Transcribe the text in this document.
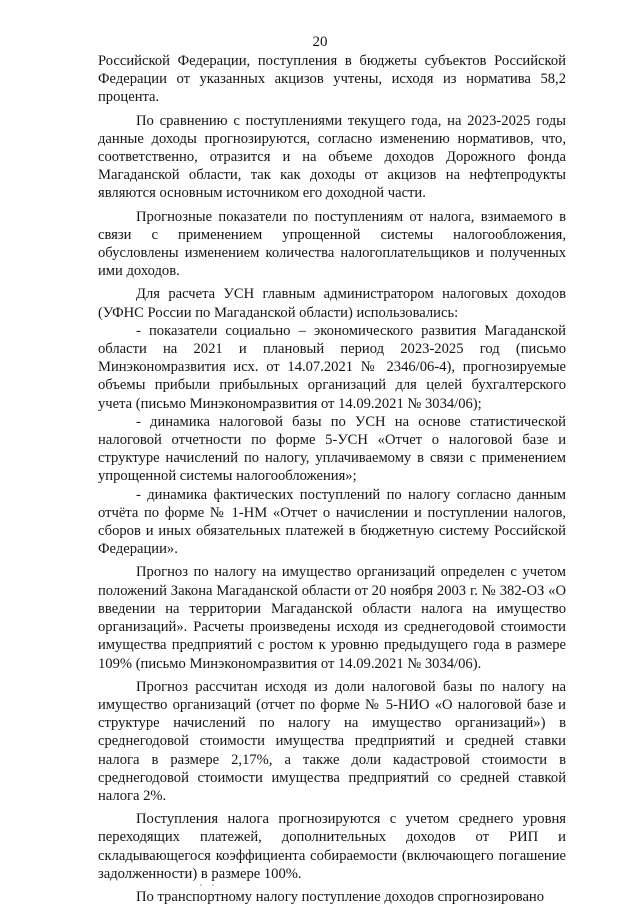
20

Российской Федерации, поступления в бюджеты субъектов Российской Федерации от указанных акцизов учтены, исходя из норматива 58,2 процента.

По сравнению с поступлениями текущего года, на 2023-2025 годы данные доходы прогнозируются, согласно изменению нормативов, что, соответственно, отразится и на объеме доходов Дорожного фонда Магаданской области, так как доходы от акцизов на нефтепродукты являются основным источником его доходной части.

Прогнозные показатели по поступлениям от налога, взимаемого в связи с применением упрощенной системы налогообложения, обусловлены изменением количества налогоплательщиков и полученных ими доходов.

Для расчета УСН главным администратором налоговых доходов (УФНС России по Магаданской области) использовались:

- показатели социально – экономического развития Магаданской области на 2021 и плановый период 2023-2025 год (письмо Минэкономразвития исх. от 14.07.2021 № 2346/06-4), прогнозируемые объемы прибыли прибыльных организаций для целей бухгалтерского учета (письмо Минэкономразвития от 14.09.2021 № 3034/06);

- динамика налоговой базы по УСН на основе статистической налоговой отчетности по форме 5-УСН «Отчет о налоговой базе и структуре начислений по налогу, уплачиваемому в связи с применением упрощенной системы налогообложения»;

- динамика фактических поступлений по налогу согласно данным отчёта по форме № 1-НМ «Отчет о начислении и поступлении налогов, сборов и иных обязательных платежей в бюджетную систему Российской Федерации».

Прогноз по налогу на имущество организаций определен с учетом положений Закона Магаданской области от 20 ноября 2003 г. № 382-ОЗ «О введении на территории Магаданской области налога на имущество организаций». Расчеты произведены исходя из среднегодовой стоимости имущества предприятий с ростом к уровню предыдущего года в размере 109% (письмо Минэкономразвития от 14.09.2021 № 3034/06).

Прогноз рассчитан исходя из доли налоговой базы по налогу на имущество организаций (отчет по форме № 5-НИО «О налоговой базе и структуре начислений по налогу на имущество организаций») в среднегодовой стоимости имущества предприятий и средней ставки налога в размере 2,17%, а также доли кадастровой стоимости в среднегодовой стоимости имущества предприятий со средней ставкой налога 2%.

Поступления налога прогнозируются с учетом среднего уровня переходящих платежей, дополнительных доходов от РИП и складывающегося коэффициента собираемости (включающего погашение задолженности) в размере 100%.

По транспортному налогу поступление доходов спрогнозировано
